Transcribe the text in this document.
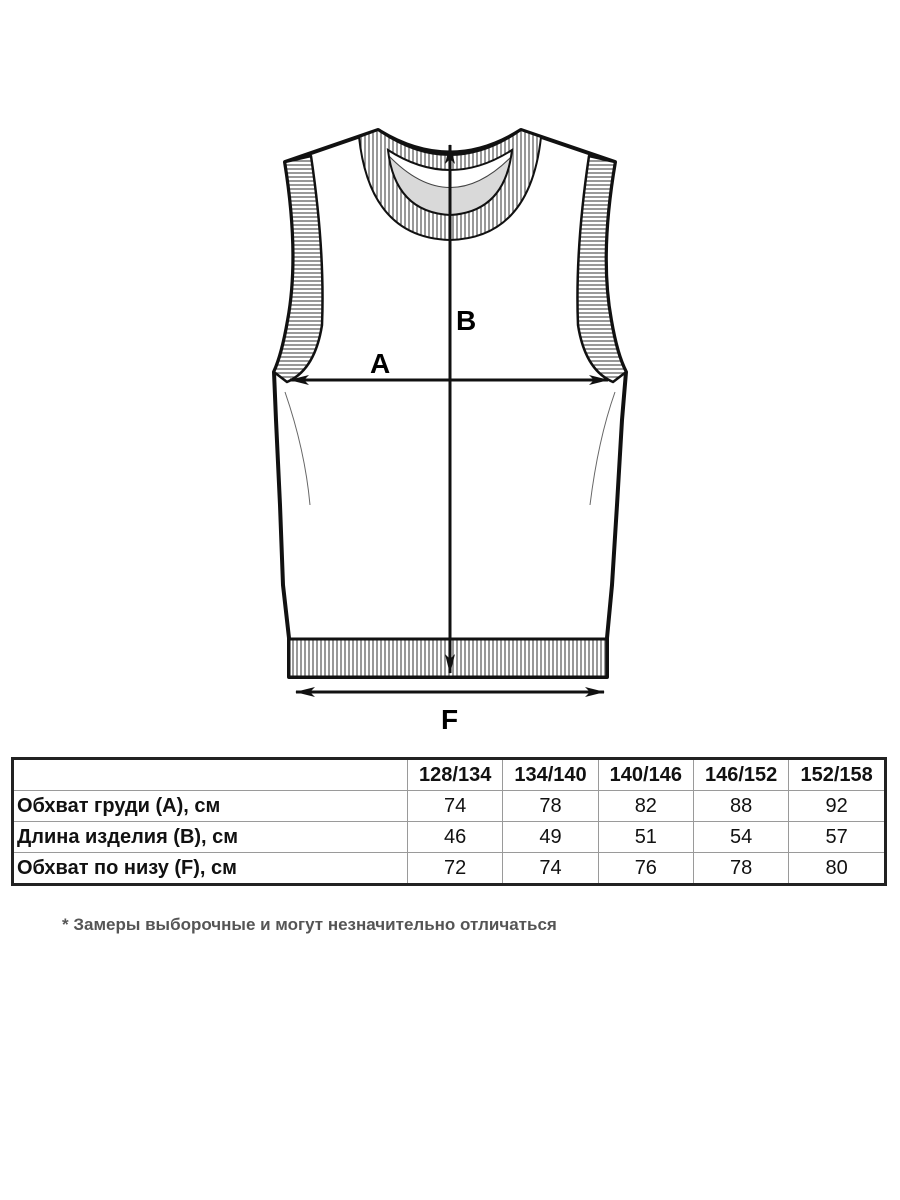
A
B
F
	128/134	134/140	140/146	146/152	152/158
Обхват груди (A), см	74	78	82	88	92
Длина изделия (B), см	46	49	51	54	57
Обхват по низу (F), см	72	74	76	78	80

* Замеры выборочные и могут незначительно отличаться
